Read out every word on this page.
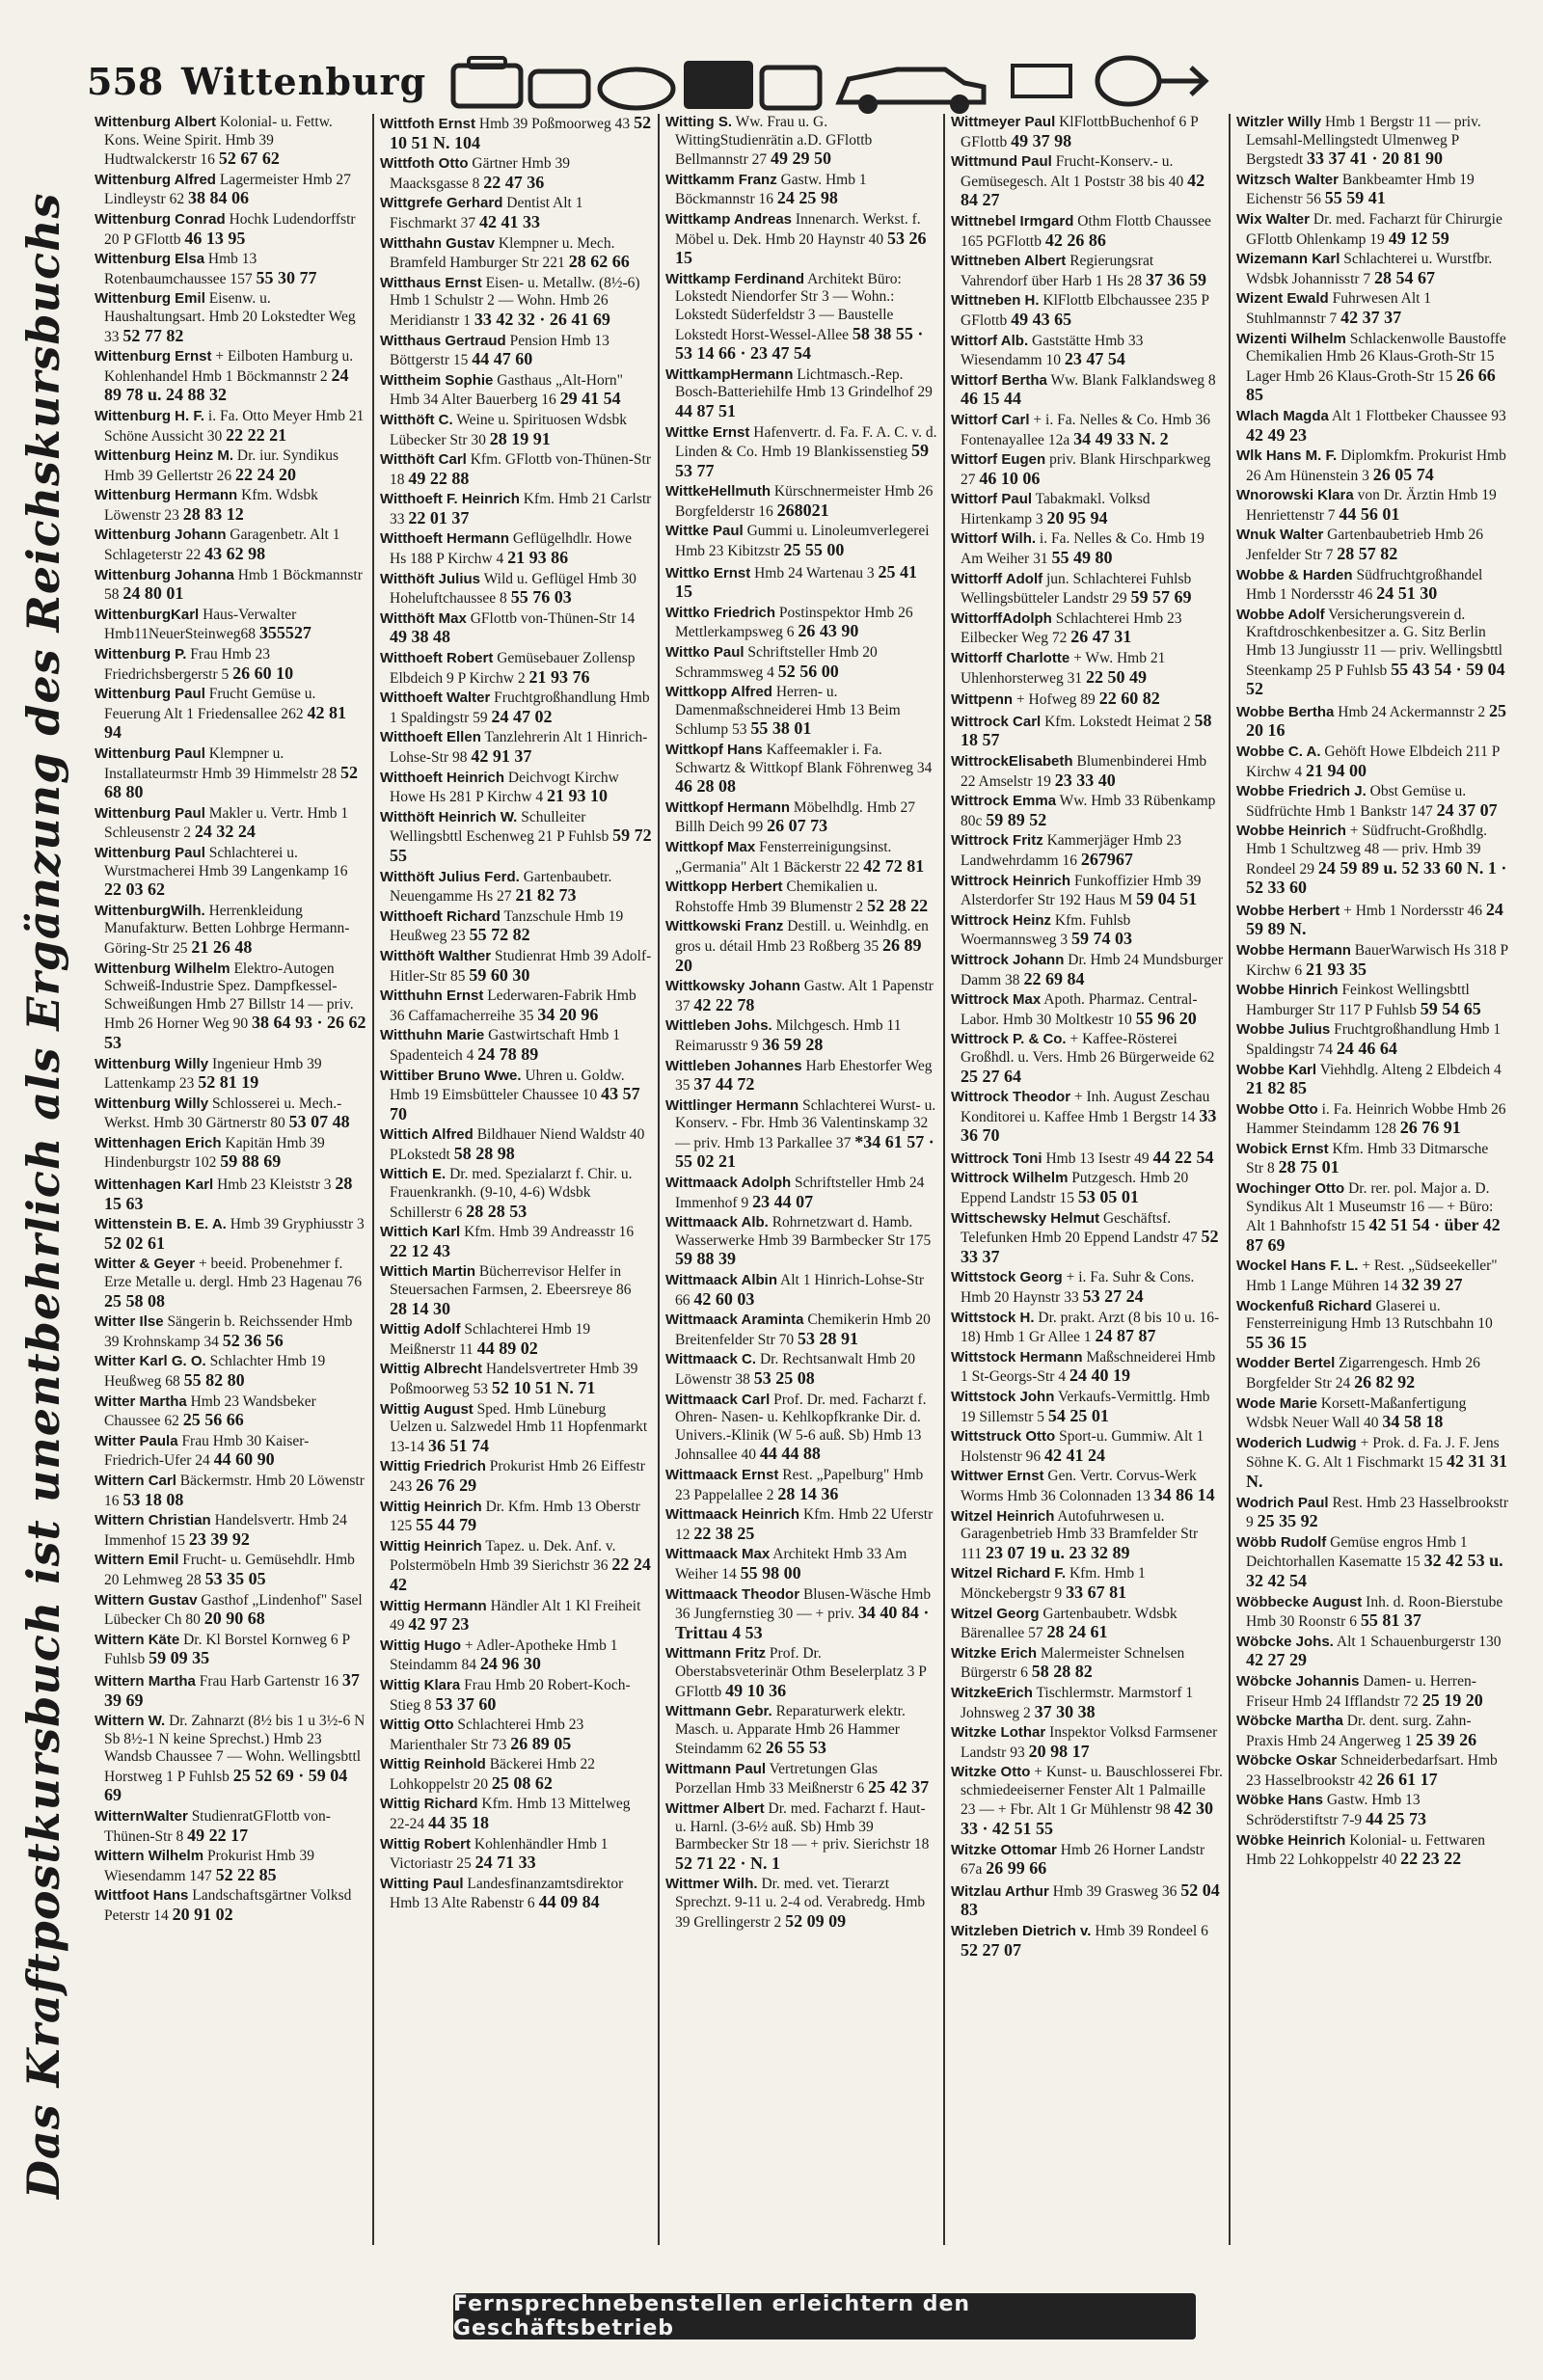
558 Wittenburg
Das Kraftpostkursbuch ist unentbehrlich als Ergänzung des Reichskursbuchs
Wittenburg Albert Kolonial- u. Fettw. Kons. Weine Spirit. Hmb 39 Hudtwalckerstr 16 52 67 62
Wittenburg Alfred Lagermeister Hmb 27 Lindleystr 62 38 84 06
Wittenburg Conrad Hochk Ludendorffstr 20 P GFlottb 46 13 95
Wittenburg Elsa Hmb 13 Rotenbaumchaussee 157 55 30 77
Wittenburg Emil Eisenw. u. Haushaltungsart. Hmb 20 Lokstedter Weg 33 52 77 82
Wittenburg Ernst + Eilboten Hamburg u. Kohlenhandel Hmb 1 Böckmannstr 2 24 89 78 u. 24 88 32
Wittenburg H. F. i. Fa. Otto Meyer Hmb 21 Schöne Aussicht 30 22 22 21
Wittenburg Heinz M. Dr. iur. Syndikus Hmb 39 Gellertstr 26 22 24 20
Wittenburg Hermann Kfm. Wdsbk Löwenstr 23 28 83 12
Wittenburg Johann Garagenbetr. Alt 1 Schlageterstr 22 43 62 98
Wittenburg Johanna Hmb 1 Böckmannstr 58 24 80 01
WittenburgKarl Haus-Verwalter Hmb11NeuerSteinweg68 355527
Wittenburg P. Frau Hmb 23 Friedrichsbergerstr 5 26 60 10
Wittenburg Paul Frucht Gemüse u. Feuerung Alt 1 Friedensallee 262 42 81 94
Wittenburg Paul Klempner u. Installateurmstr Hmb 39 Himmelstr 28 52 68 80
Wittenburg Paul Makler u. Vertr. Hmb 1 Schleusenstr 2 24 32 24
Wittenburg Paul Schlachterei u. Wurstmacherei Hmb 39 Langenkamp 16 22 03 62
WittenburgWilh. Herrenkleidung Manufakturw. Betten Lohbrge Hermann-Göring-Str 25 21 26 48
Wittenburg Wilhelm Elektro-Autogen Schweiß-Industrie Spez. Dampfkessel-Schweißungen Hmb 27 Billstr 14 — priv. Hmb 26 Horner Weg 90 38 64 93 · 26 62 53
Wittenburg Willy Ingenieur Hmb 39 Lattenkamp 23 52 81 19
Wittenburg Willy Schlosserei u. Mech.-Werkst. Hmb 30 Gärtnerstr 80 53 07 48
Wittenhagen Erich Kapitän Hmb 39 Hindenburgstr 102 59 88 69
Wittenhagen Karl Hmb 23 Kleiststr 3 28 15 63
Wittenstein B. E. A. Hmb 39 Gryphiusstr 3 52 02 61
Witter & Geyer + beeid. Probenehmer f. Erze Metalle u. dergl. Hmb 23 Hagenau 76 25 58 08
Witter Ilse Sängerin b. Reichssender Hmb 39 Krohnskamp 34 52 36 56
Witter Karl G. O. Schlachter Hmb 19 Heußweg 68 55 82 80
Witter Martha Hmb 23 Wandsbeker Chaussee 62 25 56 66
Witter Paula Frau Hmb 30 Kaiser-Friedrich-Ufer 24 44 60 90
Wittern Carl Bäckermstr. Hmb 20 Löwenstr 16 53 18 08
Wittern Christian Handelsvertr. Hmb 24 Immenhof 15 23 39 92
Wittern Emil Frucht- u. Gemüsehdlr. Hmb 20 Lehmweg 28 53 35 05
Wittern Gustav Gasthof „Lindenhof" Sasel Lübecker Ch 80 20 90 68
Wittern Käte Dr. Kl Borstel Kornweg 6 P Fuhlsb 59 09 35
Wittern Martha Frau Harb Gartenstr 16 37 39 69
Wittern W. Dr. Zahnarzt (8½ bis 1 u 3½-6 N Sb 8½-1 N keine Sprechst.) Hmb 23 Wandsb Chaussee 7 — Wohn. Wellingsbttl Horstweg 1 P Fuhlsb 25 52 69 · 59 04 69
WitternWalter StudienratGFlottb von-Thünen-Str 8 49 22 17
Wittern Wilhelm Prokurist Hmb 39 Wiesendamm 147 52 22 85
Wittfoot Hans Landschaftsgärtner Volksd Peterstr 14 20 91 02
Wittfoth Ernst Hmb 39 Poßmoorweg 43 52 10 51 N. 104
Wittfoth Otto Gärtner Hmb 39 Maacksgasse 8 22 47 36
Wittgrefe Gerhard Dentist Alt 1 Fischmarkt 37 42 41 33
Witthahn Gustav Klempner u. Mech. Bramfeld Hamburger Str 221 28 62 66
Witthaus Ernst Eisen- u. Metallw. (8½-6) Hmb 1 Schulstr 2 — Wohn. Hmb 26 Meridianstr 1 33 42 32 · 26 41 69
Witthaus Gertraud Pension Hmb 13 Böttgerstr 15 44 47 60
Wittheim Sophie Gasthaus „Alt-Horn" Hmb 34 Alter Bauerberg 16 29 41 54
Witthöft C. Weine u. Spirituosen Wdsbk Lübecker Str 30 28 19 91
Witthöft Carl Kfm. GFlottb von-Thünen-Str 18 49 22 88
Witthoeft F. Heinrich Kfm. Hmb 21 Carlstr 33 22 01 37
Witthoeft Hermann Geflügelhdlr. Howe Hs 188 P Kirchw 4 21 93 86
Witthöft Julius Wild u. Geflügel Hmb 30 Hoheluftchaussee 8 55 76 03
Witthöft Max GFlottb von-Thünen-Str 14 49 38 48
Witthoeft Robert Gemüsebauer Zollensp Elbdeich 9 P Kirchw 2 21 93 76
Witthoeft Walter Fruchtgroßhandlung Hmb 1 Spaldingstr 59 24 47 02
Witthoeft Ellen Tanzlehrerin Alt 1 Hinrich-Lohse-Str 98 42 91 37
Witthoeft Heinrich Deichvogt Kirchw Howe Hs 281 P Kirchw 4 21 93 10
Witthöft Heinrich W. Schulleiter Wellingsbttl Eschenweg 21 P Fuhlsb 59 72 55
Witthöft Julius Ferd. Gartenbaubetr. Neuengamme Hs 27 21 82 73
Witthoeft Richard Tanzschule Hmb 19 Heußweg 23 55 72 82
Witthöft Walther Studienrat Hmb 39 Adolf-Hitler-Str 85 59 60 30
Witthuhn Ernst Lederwaren-Fabrik Hmb 36 Caffamacherreihe 35 34 20 96
Witthuhn Marie Gastwirtschaft Hmb 1 Spadenteich 4 24 78 89
Wittiber Bruno Wwe. Uhren u. Goldw. Hmb 19 Eimsbütteler Chaussee 10 43 57 70
Wittich Alfred Bildhauer Niend Waldstr 40 PLokstedt 58 28 98
Wittich E. Dr. med. Spezialarzt f. Chir. u. Frauenkrankh. (9-10, 4-6) Wdsbk Schillerstr 6 28 28 53
Wittich Karl Kfm. Hmb 39 Andreasstr 16 22 12 43
Wittich Martin Bücherrevisor Helfer in Steuersachen Farmsen, 2. Ebeersreye 86 28 14 30
Wittig Adolf Schlachterei Hmb 19 Meißnerstr 11 44 89 02
Wittig Albrecht Handelsvertreter Hmb 39 Poßmoorweg 53 52 10 51 N. 71
Wittig August Sped. Hmb Lüneburg Uelzen u. Salzwedel Hmb 11 Hopfenmarkt 13-14 36 51 74
Wittig Friedrich Prokurist Hmb 26 Eiffestr 243 26 76 29
Wittig Heinrich Dr. Kfm. Hmb 13 Oberstr 125 55 44 79
Wittig Heinrich Tapez. u. Dek. Anf. v. Polstermöbeln Hmb 39 Sierichstr 36 22 24 42
Wittig Hermann Händler Alt 1 Kl Freiheit 49 42 97 23
Wittig Hugo + Adler-Apotheke Hmb 1 Steindamm 84 24 96 30
Wittig Klara Frau Hmb 20 Robert-Koch-Stieg 8 53 37 60
Wittig Otto Schlachterei Hmb 23 Marienthaler Str 73 26 89 05
Wittig Reinhold Bäckerei Hmb 22 Lohkoppelstr 20 25 08 62
Wittig Richard Kfm. Hmb 13 Mittelweg 22-24 44 35 18
Wittig Robert Kohlenhändler Hmb 1 Victoriastr 25 24 71 33
Witting Paul Landesfinanzamtsdirektor Hmb 13 Alte Rabenstr 6 44 09 84
Witting S. Ww. Frau u. G. WittingStudienrätin a.D. GFlottb Bellmannstr 27 49 29 50
Wittkamm Franz Gastw. Hmb 1 Böckmannstr 16 24 25 98
Wittkamp Andreas Innenarch. Werkst. f. Möbel u. Dek. Hmb 20 Haynstr 40 53 26 15
Wittkamp Ferdinand Architekt Büro: Lokstedt Niendorfer Str 3 — Wohn.: Lokstedt Süderfeldstr 3 — Baustelle Lokstedt Horst-Wessel-Allee 58 38 55 · 53 14 66 · 23 47 54
WittkampHermann Lichtmasch.-Rep. Bosch-Batteriehilfe Hmb 13 Grindelhof 29 44 87 51
Wittke Ernst Hafenvertr. d. Fa. F. A. C. v. d. Linden & Co. Hmb 19 Blankissenstieg 59 53 77
WittkeHellmuth Kürschnermeister Hmb 26 Borgfelderstr 16 268021
Wittke Paul Gummi u. Linoleumverlegerei Hmb 23 Kibitzstr 25 55 00
Wittko Ernst Hmb 24 Wartenau 3 25 41 15
Wittko Friedrich Postinspektor Hmb 26 Mettlerkampsweg 6 26 43 90
Wittko Paul Schriftsteller Hmb 20 Schrammsweg 4 52 56 00
Wittkopp Alfred Herren- u. Damenmaßschneiderei Hmb 13 Beim Schlump 53 55 38 01
Wittkopf Hans Kaffeemakler i. Fa. Schwartz & Wittkopf Blank Föhrenweg 34 46 28 08
Wittkopf Hermann Möbelhdlg. Hmb 27 Billh Deich 99 26 07 73
Wittkopf Max Fensterreinigungsinst. „Germania" Alt 1 Bäckerstr 22 42 72 81
Wittkopp Herbert Chemikalien u. Rohstoffe Hmb 39 Blumenstr 2 52 28 22
Wittkowski Franz Destill. u. Weinhdlg. en gros u. détail Hmb 23 Roßberg 35 26 89 20
Wittkowsky Johann Gastw. Alt 1 Papenstr 37 42 22 78
Wittleben Johs. Milchgesch. Hmb 11 Reimarusstr 9 36 59 28
Wittleben Johannes Harb Ehestorfer Weg 35 37 44 72
Wittlinger Hermann Schlachterei Wurst- u. Konserv. - Fbr. Hmb 36 Valentinskamp 32 — priv. Hmb 13 Parkallee 37 *34 61 57 · 55 02 21
Wittmaack Adolph Schriftsteller Hmb 24 Immenhof 9 23 44 07
Wittmaack Alb. Rohrnetzwart d. Hamb. Wasserwerke Hmb 39 Barmbecker Str 175 59 88 39
Wittmaack Albin Alt 1 Hinrich-Lohse-Str 66 42 60 03
Wittmaack Araminta Chemikerin Hmb 20 Breitenfelder Str 70 53 28 91
Wittmaack C. Dr. Rechtsanwalt Hmb 20 Löwenstr 38 53 25 08
Wittmaack Carl Prof. Dr. med. Facharzt f. Ohren- Nasen- u. Kehlkopfkranke Dir. d. Univers.-Klinik (W 5-6 auß. Sb) Hmb 13 Johnsallee 40 44 44 88
Wittmaack Ernst Rest. „Papelburg" Hmb 23 Pappelallee 2 28 14 36
Wittmaack Heinrich Kfm. Hmb 22 Uferstr 12 22 38 25
Wittmaack Max Architekt Hmb 33 Am Weiher 14 55 98 00
Wittmaack Theodor Blusen-Wäsche Hmb 36 Jungfernstieg 30 — + priv. 34 40 84 · Trittau 4 53
Wittmann Fritz Prof. Dr. Oberstabsveterinär Othm Beselerplatz 3 P GFlottb 49 10 36
Wittmann Gebr. Reparaturwerk elektr. Masch. u. Apparate Hmb 26 Hammer Steindamm 62 26 55 53
Wittmann Paul Vertretungen Glas Porzellan Hmb 33 Meißnerstr 6 25 42 37
Wittmer Albert Dr. med. Facharzt f. Haut- u. Harnl. (3-6½ auß. Sb) Hmb 39 Barmbecker Str 18 — + priv. Sierichstr 18 52 71 22 · N. 1
Wittmer Wilh. Dr. med. vet. Tierarzt Sprechzt. 9-11 u. 2-4 od. Verabredg. Hmb 39 Grellingerstr 2 52 09 09
Wittmeyer Paul KlFlottbBuchenhof 6 P GFlottb 49 37 98
Wittmund Paul Frucht-Konserv.- u. Gemüsegesch. Alt 1 Poststr 38 bis 40 42 84 27
Wittnebel Irmgard Othm Flottb Chaussee 165 PGFlottb 42 26 86
Wittneben Albert Regierungsrat Vahrendorf über Harb 1 Hs 28 37 36 59
Wittneben H. KlFlottb Elbchaussee 235 P GFlottb 49 43 65
Wittorf Alb. Gaststätte Hmb 33 Wiesendamm 10 23 47 54
Wittorf Bertha Ww. Blank Falklandsweg 8 46 15 44
Wittorf Carl + i. Fa. Nelles & Co. Hmb 36 Fontenayallee 12a 34 49 33 N. 2
Wittorf Eugen priv. Blank Hirschparkweg 27 46 10 06
Wittorf Paul Tabakmakl. Volksd Hirtenkamp 3 20 95 94
Wittorf Wilh. i. Fa. Nelles & Co. Hmb 19 Am Weiher 31 55 49 80
Wittorff Adolf jun. Schlachterei Fuhlsb Wellingsbütteler Landstr 29 59 57 69
WittorffAdolph Schlachterei Hmb 23 Eilbecker Weg 72 26 47 31
Wittorff Charlotte + Ww. Hmb 21 Uhlenhorsterweg 31 22 50 49
Wittpenn + Hofweg 89 22 60 82
Wittrock Carl Kfm. Lokstedt Heimat 2 58 18 57
WittrockElisabeth Blumenbinderei Hmb 22 Amselstr 19 23 33 40
Wittrock Emma Ww. Hmb 33 Rübenkamp 80c 59 89 52
Wittrock Fritz Kammerjäger Hmb 23 Landwehrdamm 16 267967
Wittrock Heinrich Funkoffizier Hmb 39 Alsterdorfer Str 192 Haus M 59 04 51
Wittrock Heinz Kfm. Fuhlsb Woermannsweg 3 59 74 03
Wittrock Johann Dr. Hmb 24 Mundsburger Damm 38 22 69 84
Wittrock Max Apoth. Pharmaz. Central-Labor. Hmb 30 Moltkestr 10 55 96 20
Wittrock P. & Co. + Kaffee-Rösterei Großhdl. u. Vers. Hmb 26 Bürgerweide 62 25 27 64
Wittrock Theodor + Inh. August Zeschau Konditorei u. Kaffee Hmb 1 Bergstr 14 33 36 70
Wittrock Toni Hmb 13 Isestr 49 44 22 54
Wittrock Wilhelm Putzgesch. Hmb 20 Eppend Landstr 15 53 05 01
Wittschewsky Helmut Geschäftsf. Telefunken Hmb 20 Eppend Landstr 47 52 33 37
Wittstock Georg + i. Fa. Suhr & Cons. Hmb 20 Haynstr 33 53 27 24
Wittstock H. Dr. prakt. Arzt (8 bis 10 u. 16-18) Hmb 1 Gr Allee 1 24 87 87
Wittstock Hermann Maßschneiderei Hmb 1 St-Georgs-Str 4 24 40 19
Wittstock John Verkaufs-Vermittlg. Hmb 19 Sillemstr 5 54 25 01
Wittstruck Otto Sport-u. Gummiw. Alt 1 Holstenstr 96 42 41 24
Wittwer Ernst Gen. Vertr. Corvus-Werk Worms Hmb 36 Colonnaden 13 34 86 14
Witzel Heinrich Autofuhrwesen u. Garagenbetrieb Hmb 33 Bramfelder Str 111 23 07 19 u. 23 32 89
Witzel Richard F. Kfm. Hmb 1 Mönckebergstr 9 33 67 81
Witzel Georg Gartenbaubetr. Wdsbk Bärenallee 57 28 24 61
Witzke Erich Malermeister Schnelsen Bürgerstr 6 58 28 82
WitzkeErich Tischlermstr. Marmstorf 1 Johnsweg 2 37 30 38
Witzke Lothar Inspektor Volksd Farmsener Landstr 93 20 98 17
Witzke Otto + Kunst- u. Bauschlosserei Fbr. schmiedeeiserner Fenster Alt 1 Palmaille 23 — + Fbr. Alt 1 Gr Mühlenstr 98 42 30 33 · 42 51 55
Witzke Ottomar Hmb 26 Horner Landstr 67a 26 99 66
Witzlau Arthur Hmb 39 Grasweg 36 52 04 83
Witzleben Dietrich v. Hmb 39 Rondeel 6 52 27 07
Witzler Willy Hmb 1 Bergstr 11 — priv. Lemsahl-Mellingstedt Ulmenweg P Bergstedt 33 37 41 · 20 81 90
Witzsch Walter Bankbeamter Hmb 19 Eichenstr 56 55 59 41
Wix Walter Dr. med. Facharzt für Chirurgie GFlottb Ohlenkamp 19 49 12 59
Wizemann Karl Schlachterei u. Wurstfbr. Wdsbk Johannisstr 7 28 54 67
Wizent Ewald Fuhrwesen Alt 1 Stuhlmannstr 7 42 37 37
Wizenti Wilhelm Schlackenwolle Baustoffe Chemikalien Hmb 26 Klaus-Groth-Str 15 Lager Hmb 26 Klaus-Groth-Str 15 26 66 85
Wlach Magda Alt 1 Flottbeker Chaussee 93 42 49 23
Wlk Hans M. F. Diplomkfm. Prokurist Hmb 26 Am Hünenstein 3 26 05 74
Wnorowski Klara von Dr. Ärztin Hmb 19 Henriettenstr 7 44 56 01
Wnuk Walter Gartenbaubetrieb Hmb 26 Jenfelder Str 7 28 57 82
Wobbe & Harden Südfruchtgroßhandel Hmb 1 Nordersstr 46 24 51 30
Wobbe Adolf Versicherungsverein d. Kraftdroschkenbesitzer a. G. Sitz Berlin Hmb 13 Jungiusstr 11 — priv. Wellingsbttl Steenkamp 25 P Fuhlsb 55 43 54 · 59 04 52
Wobbe Bertha Hmb 24 Ackermannstr 2 25 20 16
Wobbe C. A. Gehöft Howe Elbdeich 211 P Kirchw 4 21 94 00
Wobbe Friedrich J. Obst Gemüse u. Südfrüchte Hmb 1 Bankstr 147 24 37 07
Wobbe Heinrich + Südfrucht-Großhdlg. Hmb 1 Schultzweg 48 — priv. Hmb 39 Rondeel 29 24 59 89 u. 52 33 60 N. 1 · 52 33 60
Wobbe Herbert + Hmb 1 Nordersstr 46 24 59 89 N.
Wobbe Hermann BauerWarwisch Hs 318 P Kirchw 6 21 93 35
Wobbe Hinrich Feinkost Wellingsbttl Hamburger Str 117 P Fuhlsb 59 54 65
Wobbe Julius Fruchtgroßhandlung Hmb 1 Spaldingstr 74 24 46 64
Wobbe Karl Viehhdlg. Alteng 2 Elbdeich 4 21 82 85
Wobbe Otto i. Fa. Heinrich Wobbe Hmb 26 Hammer Steindamm 128 26 76 91
Wobick Ernst Kfm. Hmb 33 Ditmarsche Str 8 28 75 01
Wochinger Otto Dr. rer. pol. Major a. D. Syndikus Alt 1 Museumstr 16 — + Büro: Alt 1 Bahnhofstr 15 42 51 54 · über 42 87 69
Wockel Hans F. L. + Rest. „Südseekeller" Hmb 1 Lange Mühren 14 32 39 27
Wockenfuß Richard Glaserei u. Fensterreinigung Hmb 13 Rutschbahn 10 55 36 15
Wodder Bertel Zigarrengesch. Hmb 26 Borgfelder Str 24 26 82 92
Wode Marie Korsett-Maßanfertigung Wdsbk Neuer Wall 40 34 58 18
Woderich Ludwig + Prok. d. Fa. J. F. Jens Söhne K. G. Alt 1 Fischmarkt 15 42 31 31 N.
Wodrich Paul Rest. Hmb 23 Hasselbrookstr 9 25 35 92
Wöbb Rudolf Gemüse engros Hmb 1 Deichtorhallen Kasematte 15 32 42 53 u. 32 42 54
Wöbbecke August Inh. d. Roon-Bierstube Hmb 30 Roonstr 6 55 81 37
Wöbcke Johs. Alt 1 Schauenburgerstr 130 42 27 29
Wöbcke Johannis Damen- u. Herren-Friseur Hmb 24 Ifflandstr 72 25 19 20
Wöbcke Martha Dr. dent. surg. Zahn-Praxis Hmb 24 Angerweg 1 25 39 26
Wöbcke Oskar Schneiderbedarfsart. Hmb 23 Hasselbrookstr 42 26 61 17
Wöbke Hans Gastw. Hmb 13 Schröderstiftstr 7-9 44 25 73
Wöbke Heinrich Kolonial- u. Fettwaren Hmb 22 Lohkoppelstr 40 22 23 22
Fernsprechnebenstellen erleichtern den Geschäftsbetrieb
